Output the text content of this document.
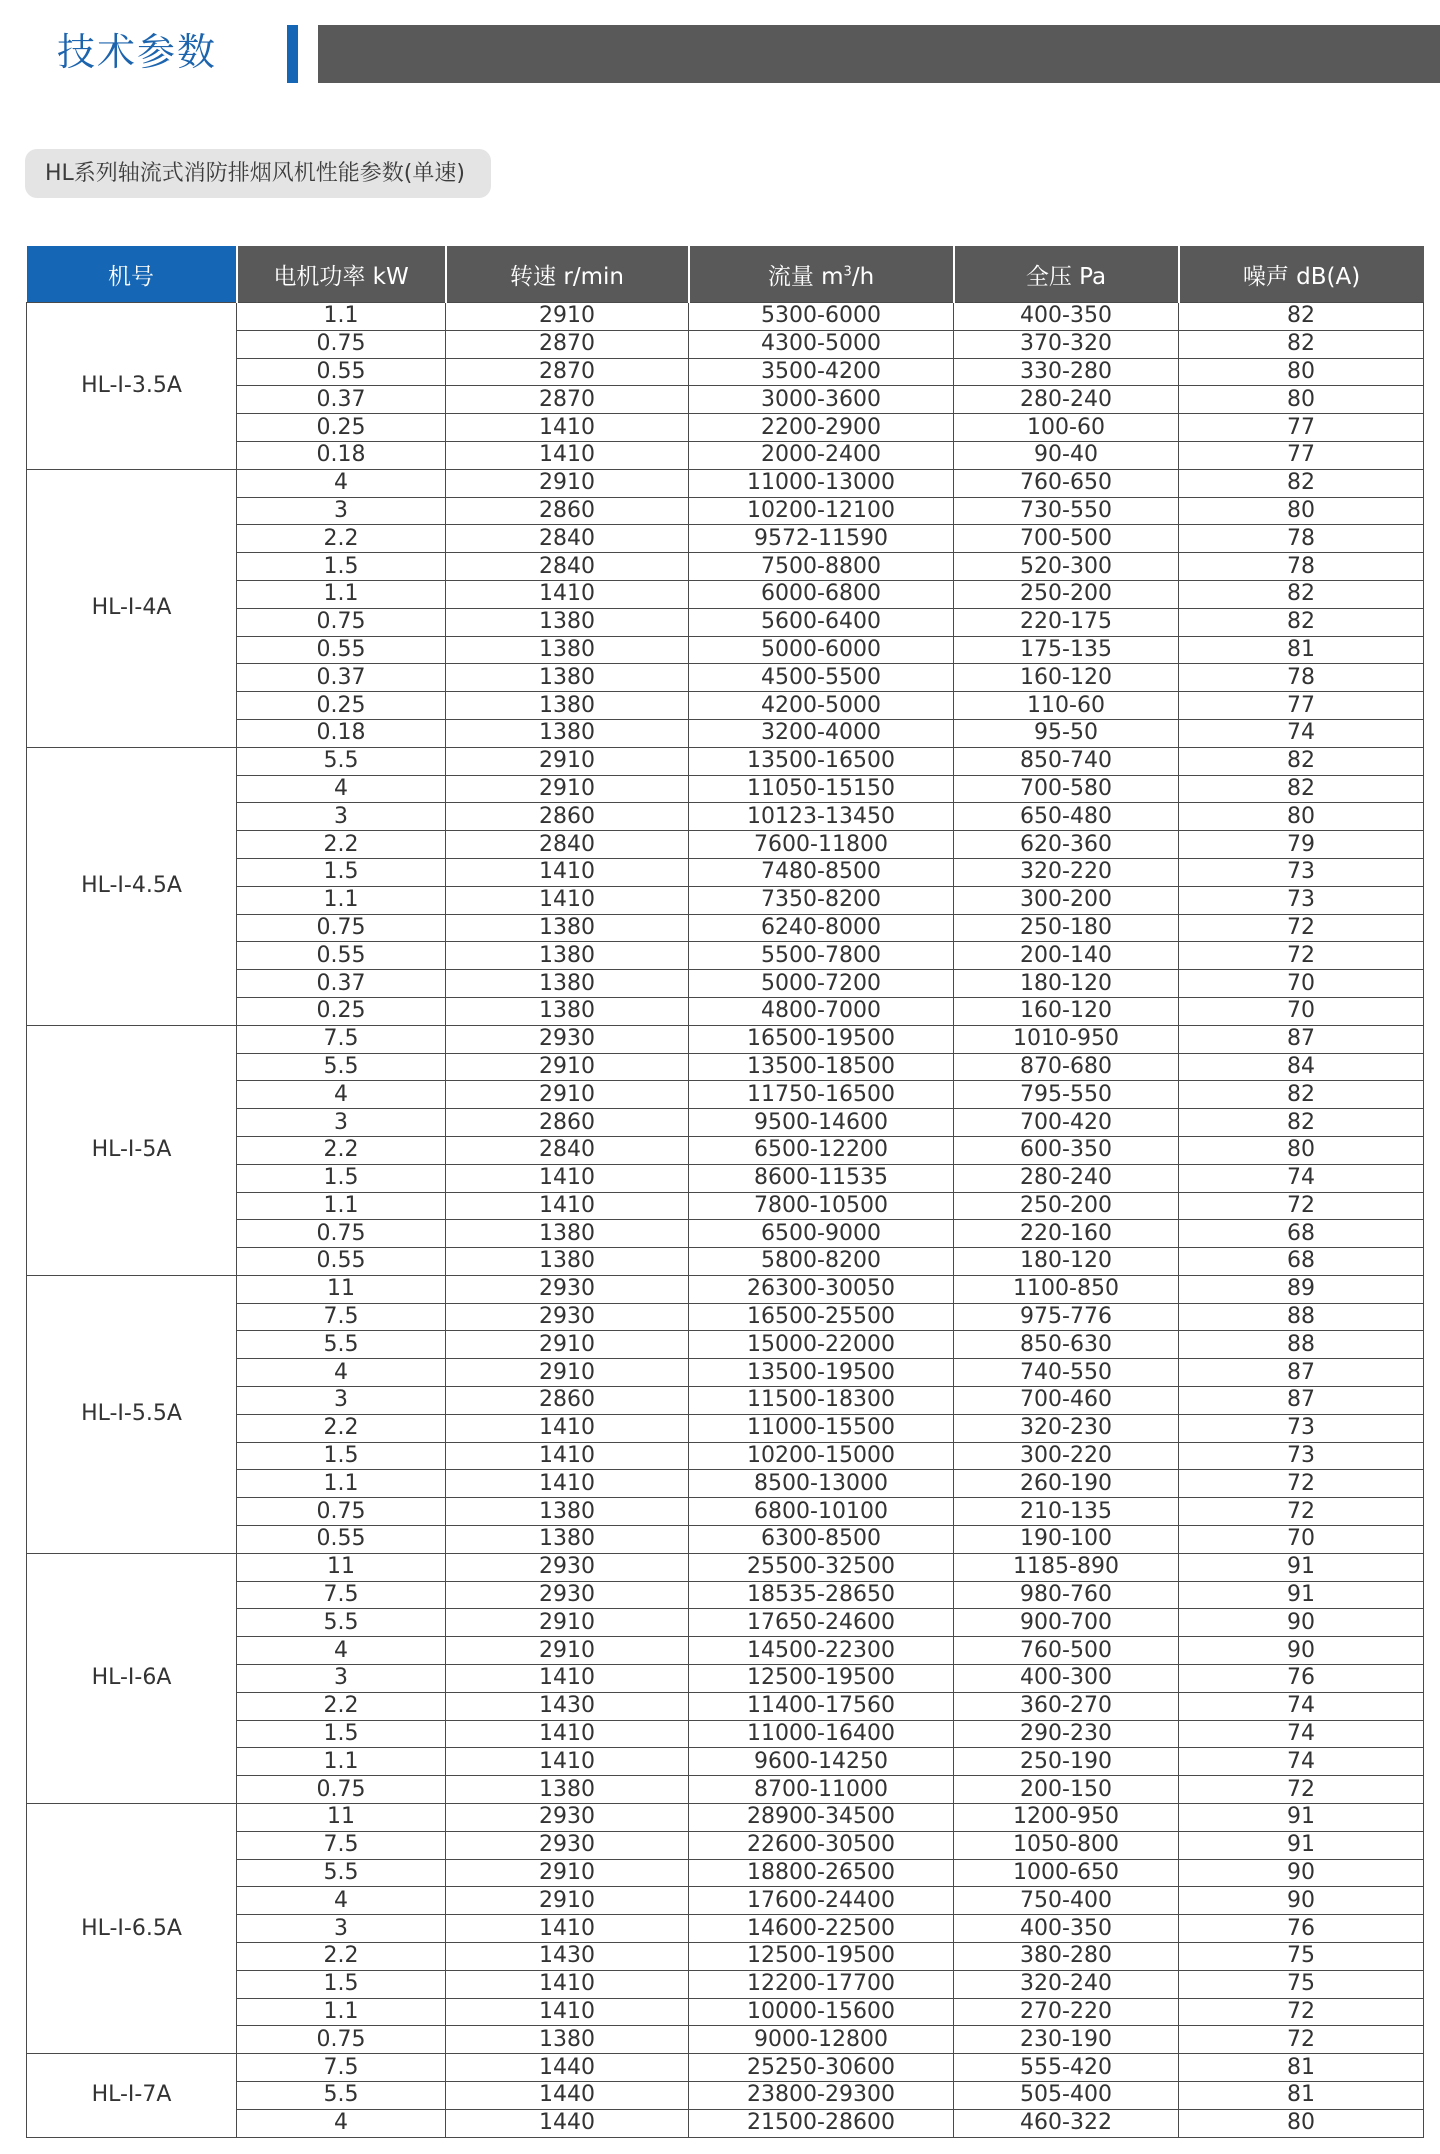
技术参数
HL系列轴流式消防排烟风机性能参数(单速)
机号	电机功率 kW	转速 r/min	流量 $m^3/h$	全压 Pa	噪声 dB(A)
HL-I-3.5A	1.1	2910	5300-6000	400-350	82
	0.75	2870	4300-5000	370-320	82
	0.55	2870	3500-4200	330-280	80
	0.37	2870	3000-3600	280-240	80
	0.25	1410	2200-2900	100-60	77
	0.18	1410	2000-2400	90-40	77
HL-I-4A	4	2910	11000-13000	760-650	82
	3	2860	10200-12100	730-550	80
	2.2	2840	9572-11590	700-500	78
	1.5	2840	7500-8800	520-300	78
	1.1	1410	6000-6800	250-200	82
	0.75	1380	5600-6400	220-175	82
	0.55	1380	5000-6000	175-135	81
	0.37	1380	4500-5500	160-120	78
	0.25	1380	4200-5000	110-60	77
	0.18	1380	3200-4000	95-50	74
HL-I-4.5A	5.5	2910	13500-16500	850-740	82
	4	2910	11050-15150	700-580	82
	3	2860	10123-13450	650-480	80
	2.2	2840	7600-11800	620-360	79
	1.5	1410	7480-8500	320-220	73
	1.1	1410	7350-8200	300-200	73
	0.75	1380	6240-8000	250-180	72
	0.55	1380	5500-7800	200-140	72
	0.37	1380	5000-7200	180-120	70
	0.25	1380	4800-7000	160-120	70
HL-I-5A	7.5	2930	16500-19500	1010-950	87
	5.5	2910	13500-18500	870-680	84
	4	2910	11750-16500	795-550	82
	3	2860	9500-14600	700-420	82
	2.2	2840	6500-12200	600-350	80
	1.5	1410	8600-11535	280-240	74
	1.1	1410	7800-10500	250-200	72
	0.75	1380	6500-9000	220-160	68
	0.55	1380	5800-8200	180-120	68
HL-I-5.5A	11	2930	26300-30050	1100-850	89
	7.5	2930	16500-25500	975-776	88
	5.5	2910	15000-22000	850-630	88
	4	2910	13500-19500	740-550	87
	3	2860	11500-18300	700-460	87
	2.2	1410	11000-15500	320-230	73
	1.5	1410	10200-15000	300-220	73
	1.1	1410	8500-13000	260-190	72
	0.75	1380	6800-10100	210-135	72
	0.55	1380	6300-8500	190-100	70
HL-I-6A	11	2930	25500-32500	1185-890	91
	7.5	2930	18535-28650	980-760	91
	5.5	2910	17650-24600	900-700	90
	4	2910	14500-22300	760-500	90
	3	1410	12500-19500	400-300	76
	2.2	1430	11400-17560	360-270	74
	1.5	1410	11000-16400	290-230	74
	1.1	1410	9600-14250	250-190	74
	0.75	1380	8700-11000	200-150	72
HL-I-6.5A	11	2930	28900-34500	1200-950	91
	7.5	2930	22600-30500	1050-800	91
	5.5	2910	18800-26500	1000-650	90
	4	2910	17600-24400	750-400	90
	3	1410	14600-22500	400-350	76
	2.2	1430	12500-19500	380-280	75
	1.5	1410	12200-17700	320-240	75
	1.1	1410	10000-15600	270-220	72
	0.75	1380	9000-12800	230-190	72
HL-I-7A	7.5	1440	25250-30600	555-420	81
	5.5	1440	23800-29300	505-400	81
	4	1440	21500-28600	460-322	80
